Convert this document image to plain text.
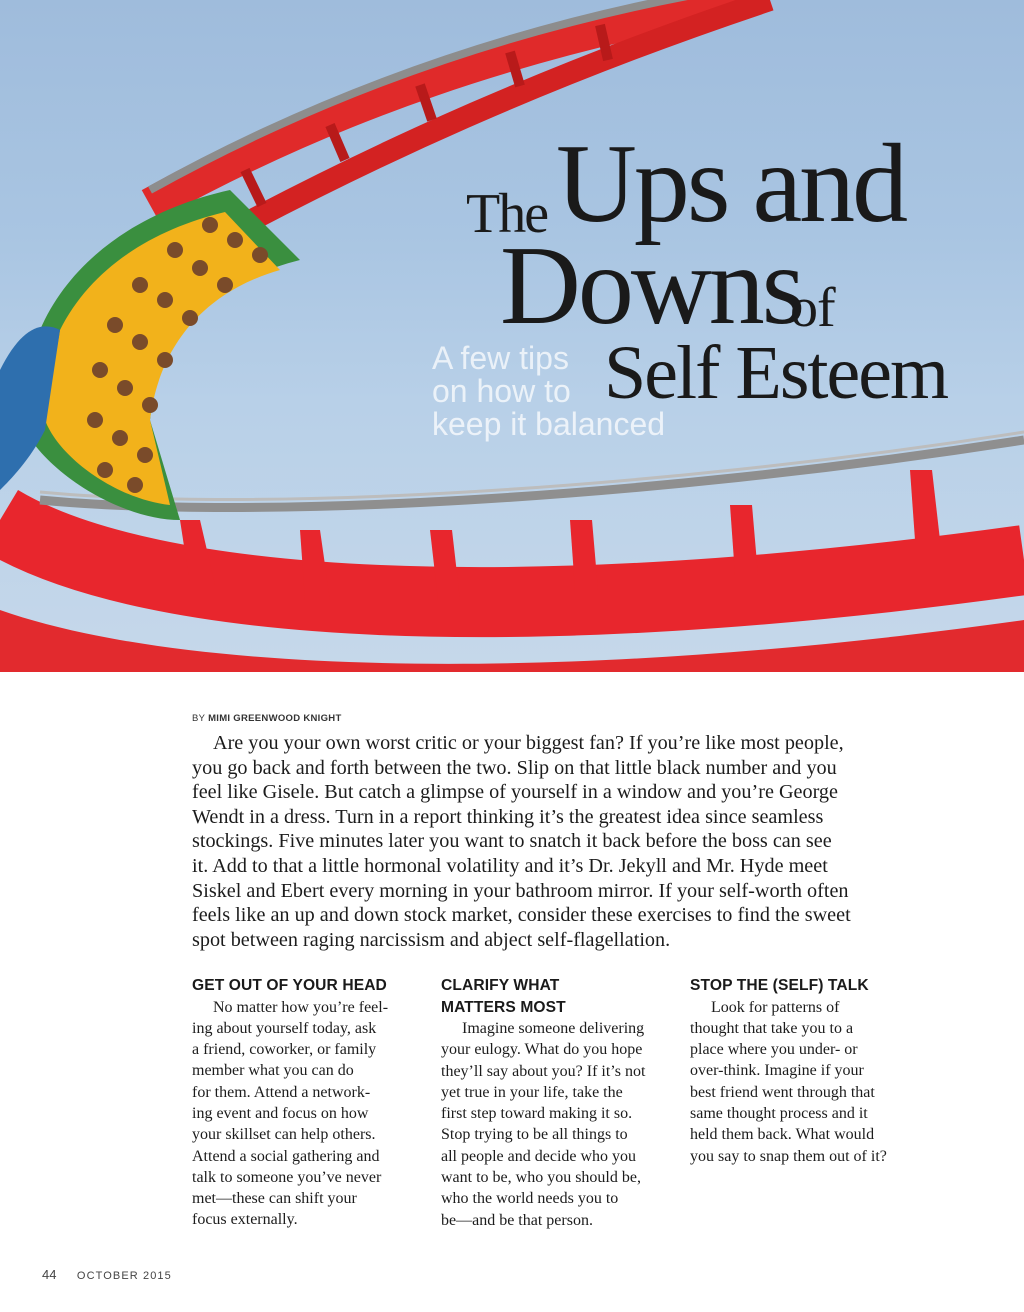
The Ups and
Downs
of
Self Esteem
A few tips
on how to
keep it balanced
BY MIMI GREENWOOD KNIGHT
Are you your own worst critic or your biggest fan? If you’re like most people,
you go back and forth between the two. Slip on that little black number and you
feel like Gisele. But catch a glimpse of yourself in a window and you’re George
Wendt in a dress. Turn in a report thinking it’s the greatest idea since seamless
stockings. Five minutes later you want to snatch it back before the boss can see
it. Add to that a little hormonal volatility and it’s Dr. Jekyll and Mr. Hyde meet
Siskel and Ebert every morning in your bathroom mirror. If your self-worth often
feels like an up and down stock market, consider these exercises to find the sweet
spot between raging narcissism and abject self-flagellation.
GET OUT OF YOUR HEAD
No matter how you’re feel-
ing about yourself today, ask
a friend, coworker, or family
member what you can do
for them. Attend a network-
ing event and focus on how
your skillset can help others.
Attend a social gathering and
talk to someone you’ve never
met—these can shift your
focus externally.
CLARIFY WHAT
MATTERS MOST
Imagine someone delivering
your eulogy. What do you hope
they’ll say about you? If it’s not
yet true in your life, take the
first step toward making it so.
Stop trying to be all things to
all people and decide who you
want to be, who you should be,
who the world needs you to
be—and be that person.
STOP THE (SELF) TALK
Look for patterns of
thought that take you to a
place where you under- or
over-think. Imagine if your
best friend went through that
same thought process and it
held them back. What would
you say to snap them out of it?
44 OCTOBER 2015
